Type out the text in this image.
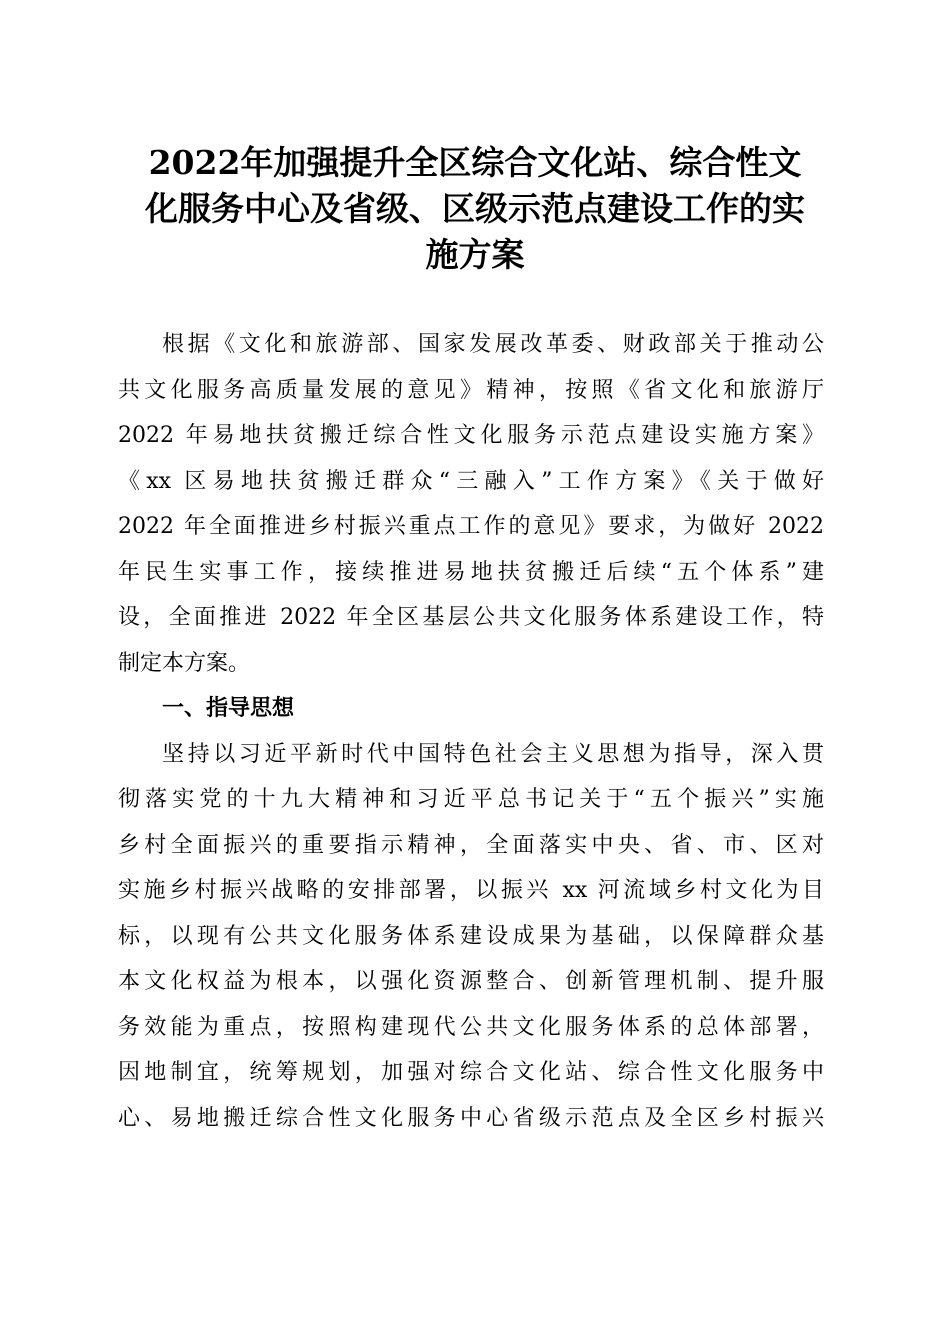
2022年加强提升全区综合文化站、综合性文
化服务中心及省级、区级示范点建设工作的实
施方案
根据《文化和旅游部、国家发展改革委、财政部关于推动公
共文化服务高质量发展的意见》精神，按照《省文化和旅游厅
2022 年易地扶贫搬迁综合性文化服务示范点建设实施方案》
《xx 区易地扶贫搬迁群众“三融入”工作方案》《关于做好
2022 年全面推进乡村振兴重点工作的意见》要求，为做好 2022
年民生实事工作，接续推进易地扶贫搬迁后续“五个体系”建
设，全面推进 2022 年全区基层公共文化服务体系建设工作，特
制定本方案。
一、指导思想
坚持以习近平新时代中国特色社会主义思想为指导，深入贯
彻落实党的十九大精神和习近平总书记关于“五个振兴”实施
乡村全面振兴的重要指示精神，全面落实中央、省、市、区对
实施乡村振兴战略的安排部署，以振兴 xx 河流域乡村文化为目
标，以现有公共文化服务体系建设成果为基础，以保障群众基
本文化权益为根本，以强化资源整合、创新管理机制、提升服
务效能为重点，按照构建现代公共文化服务体系的总体部署，
因地制宜，统筹规划，加强对综合文化站、综合性文化服务中
心、易地搬迁综合性文化服务中心省级示范点及全区乡村振兴
